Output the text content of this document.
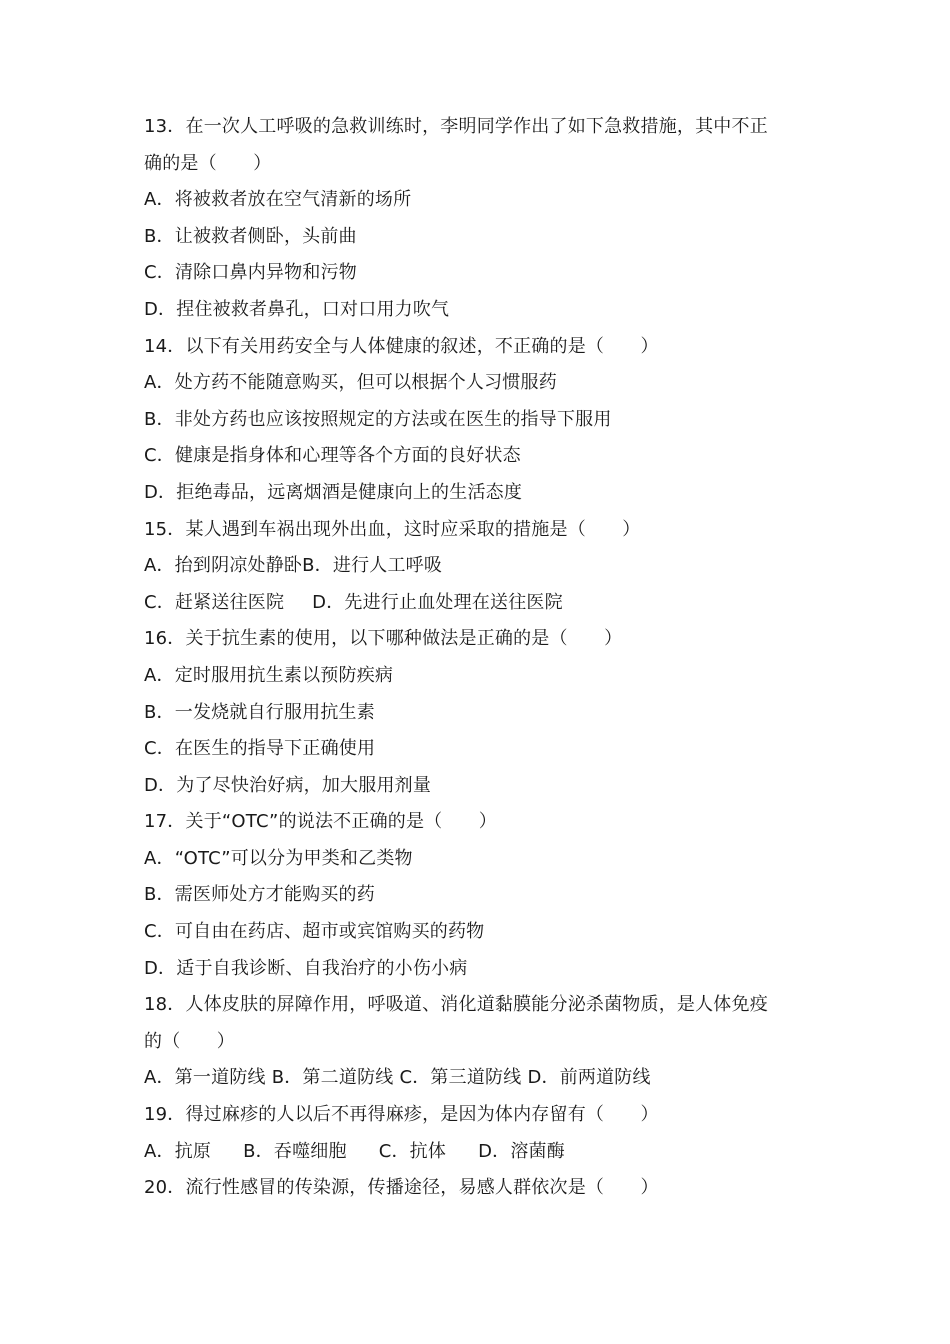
13．在一次人工呼吸的急救训练时，李明同学作出了如下急救措施，其中不正
确的是（　　）
A．将被救者放在空气清新的场所
B．让被救者侧卧，头前曲
C．清除口鼻内异物和污物
D．捏住被救者鼻孔，口对口用力吹气
14．以下有关用药安全与人体健康的叙述，不正确的是（　　）
A．处方药不能随意购买，但可以根据个人习惯服药
B．非处方药也应该按照规定的方法或在医生的指导下服用
C．健康是指身体和心理等各个方面的良好状态
D．拒绝毒品，远离烟酒是健康向上的生活态度
15．某人遇到车祸出现外出血，这时应采取的措施是（　　）
A．抬到阴凉处静卧B．进行人工呼吸
C．赶紧送往医院 D．先进行止血处理在送往医院
16．关于抗生素的使用，以下哪种做法是正确的是（　　）
A．定时服用抗生素以预防疾病
B．一发烧就自行服用抗生素
C．在医生的指导下正确使用
D．为了尽快治好病，加大服用剂量
17．关于“OTC”的说法不正确的是（　　）
A．“OTC”可以分为甲类和乙类物
B．需医师处方才能购买的药
C．可自由在药店、超市或宾馆购买的药物
D．适于自我诊断、自我治疗的小伤小病
18．人体皮肤的屏障作用，呼吸道、消化道黏膜能分泌杀菌物质，是人体免疫
的（　　）
A．第一道防线 B．第二道防线 C．第三道防线 D．前两道防线
19．得过麻疹的人以后不再得麻疹，是因为体内存留有（　　）
A．抗原 B．吞噬细胞 C．抗体 D．溶菌酶
20．流行性感冒的传染源，传播途径，易感人群依次是（　　）
